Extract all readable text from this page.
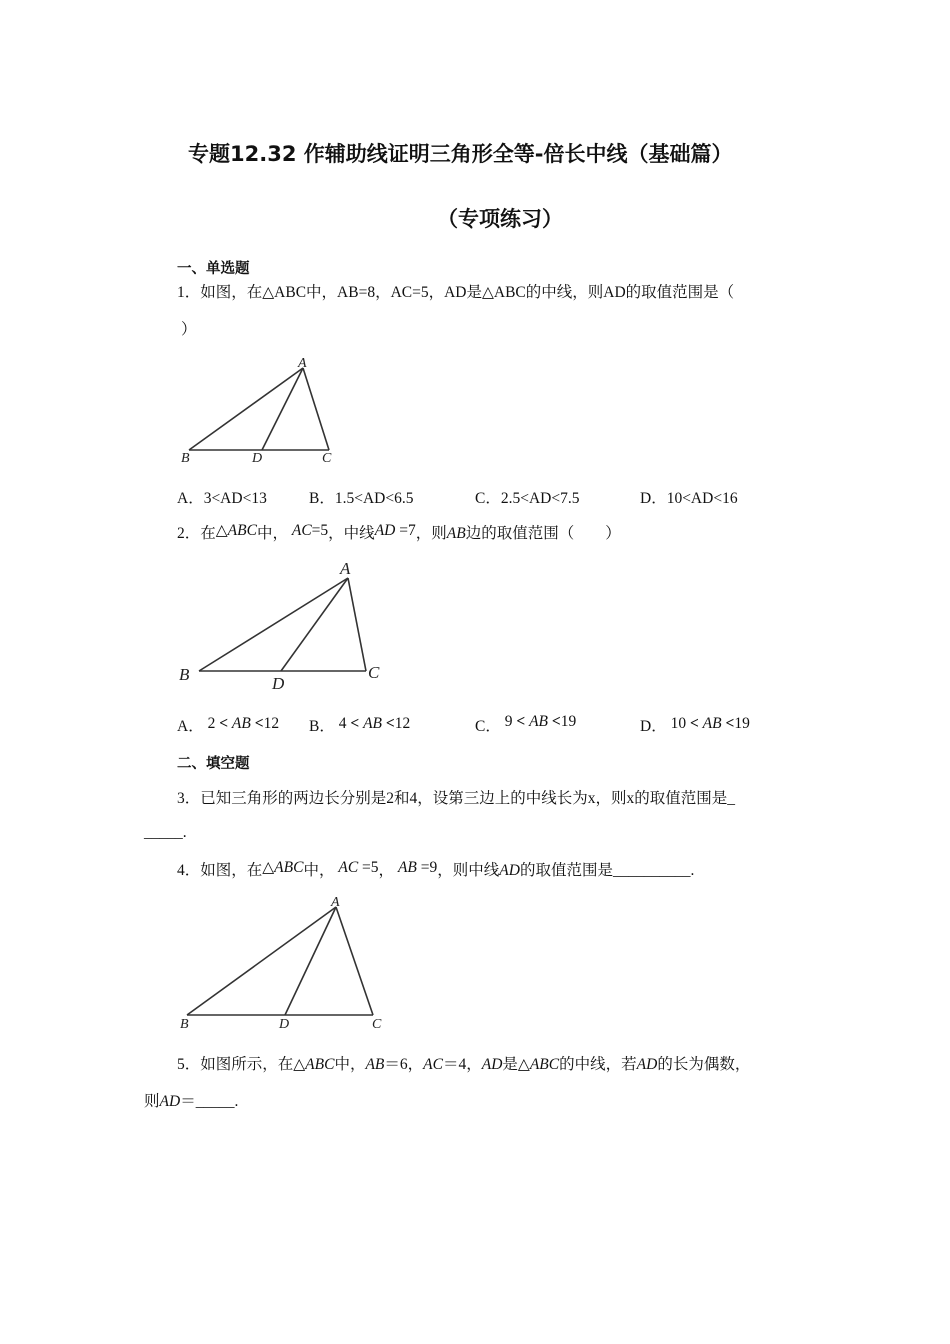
专题12.32 作辅助线证明三角形全等-倍长中线（基础篇）
（专项练习）
一、单选题
1．如图，在△ABC中，AB=8，AC=5，AD是△ABC的中线，则AD的取值范围是（
）
A
B	D	C
A．3<AD<13	B．1.5<AD<6.5	C．2.5<AD<7.5	D．10<AD<16
2．在△ABC中， AC=5，中线AD =7，则AB边的取值范围（　　）
A
B	D
C
A． 2 < AB <12 B． 4 < AB <12	C． 9 < AB <19	D． 10 < AB <19
二、填空题
3．已知三角形的两边长分别是2和4，设第三边上的中线长为x，则x的取值范围是_
_____.
4．如图，在△ABC中， AC =5， AB =9，则中线AD的取值范围是__________.
A
B	D	C
5．如图所示，在△ABC中，AB＝6，AC＝4，AD是△ABC的中线，若AD的长为偶数，
则AD＝_____.
